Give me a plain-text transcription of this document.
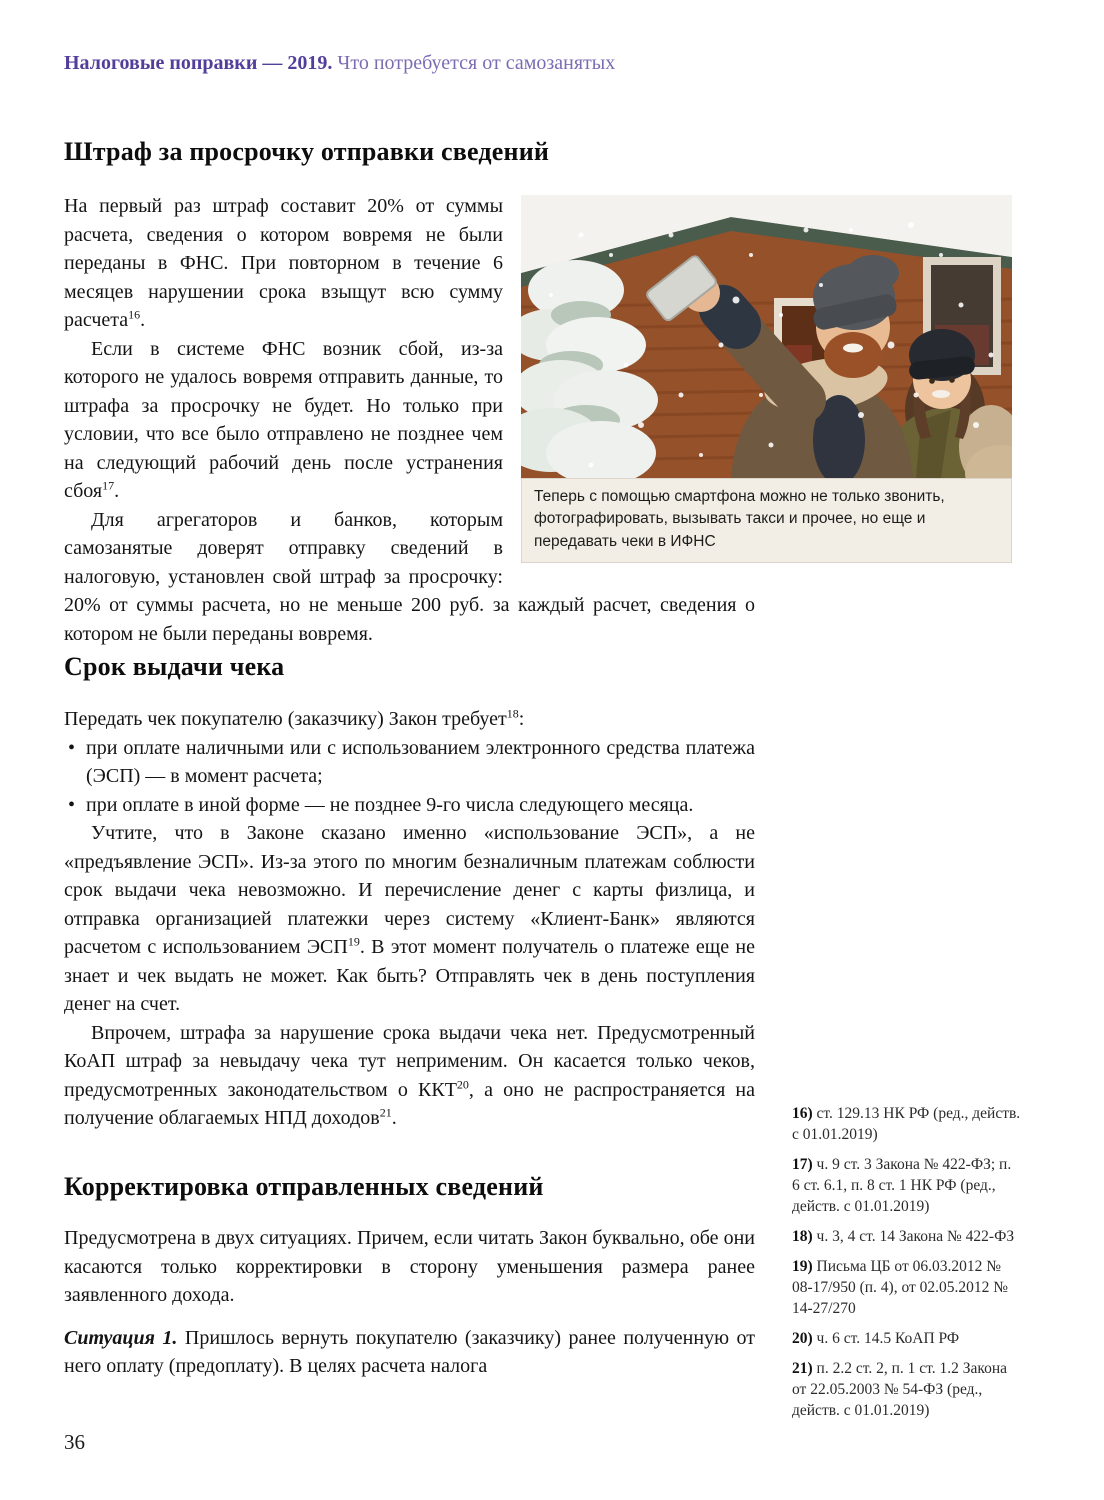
Налоговые поправки — 2019. Что потребуется от самозанятых
Штраф за просрочку отправки сведений

На первый раз штраф составит 20% от суммы расчета, сведения о котором вовремя не были переданы в ФНС. При повторном в течение 6 месяцев нарушении срока взыщут всю сумму расчета$^{16}$.

Если в системе ФНС возник сбой, из-за которого не удалось вовремя отправить данные, то штрафа за просрочку не будет. Но только при условии, что все было отправлено не позднее чем на следующий рабочий день после устранения сбоя$^{17}$.

Для агрегаторов и банков, которым самозанятые доверят отправку сведений в налоговую, установлен свой штраф за просрочку: 20% от суммы расчета, но не меньше 200 руб. за каждый расчет, сведения о котором не были переданы вовремя.

Теперь с помощью смартфона можно не только звонить, фотографировать, вызывать такси и прочее, но еще и передавать чеки в ИФНС
Срок выдачи чека

Передать чек покупателю (заказчику) Закон требует$^{18}$:

• при оплате наличными или с использованием электронного средства платежа (ЭСП) — в момент расчета;
• при оплате в иной форме — не позднее 9-го числа следующего месяца.

Учтите, что в Законе сказано именно «использование ЭСП», а не «предъявление ЭСП». Из-за этого по многим безналичным платежам соблюсти срок выдачи чека невозможно. И перечисление денег с карты физлица, и отправка организацией платежки через систему «Клиент-Банк» являются расчетом с использованием ЭСП$^{19}$. В этот момент получатель о платеже еще не знает и чек выдать не может. Как быть? Отправлять чек в день поступления денег на счет.

Впрочем, штрафа за нарушение срока выдачи чека нет. Предусмотренный КоАП штраф за невыдачу чека тут неприменим. Он касается только чеков, предусмотренных законодательством о ККТ$^{20}$, а оно не распространяется на получение облагаемых НПД доходов$^{21}$.

Корректировка отправленных сведений

Предусмотрена в двух ситуациях. Причем, если читать Закон буквально, обе они касаются только корректировки в сторону уменьшения размера ранее заявленного дохода.

Ситуация 1. Пришлось вернуть покупателю (заказчику) ранее полученную от него оплату (предоплату). В целях расчета налога

16) ст. 129.13 НК РФ (ред., действ. с 01.01.2019)
17) ч. 9 ст. 3 Закона № 422-ФЗ; п. 6 ст. 6.1, п. 8 ст. 1 НК РФ (ред., действ. с 01.01.2019)
18) ч. 3, 4 ст. 14 Закона № 422-ФЗ
19) Письма ЦБ от 06.03.2012 № 08-17/950 (п. 4), от 02.05.2012 № 14-27/270
20) ч. 6 ст. 14.5 КоАП РФ
21) п. 2.2 ст. 2, п. 1 ст. 1.2 Закона от 22.05.2003 № 54-ФЗ (ред., действ. с 01.01.2019)
36
